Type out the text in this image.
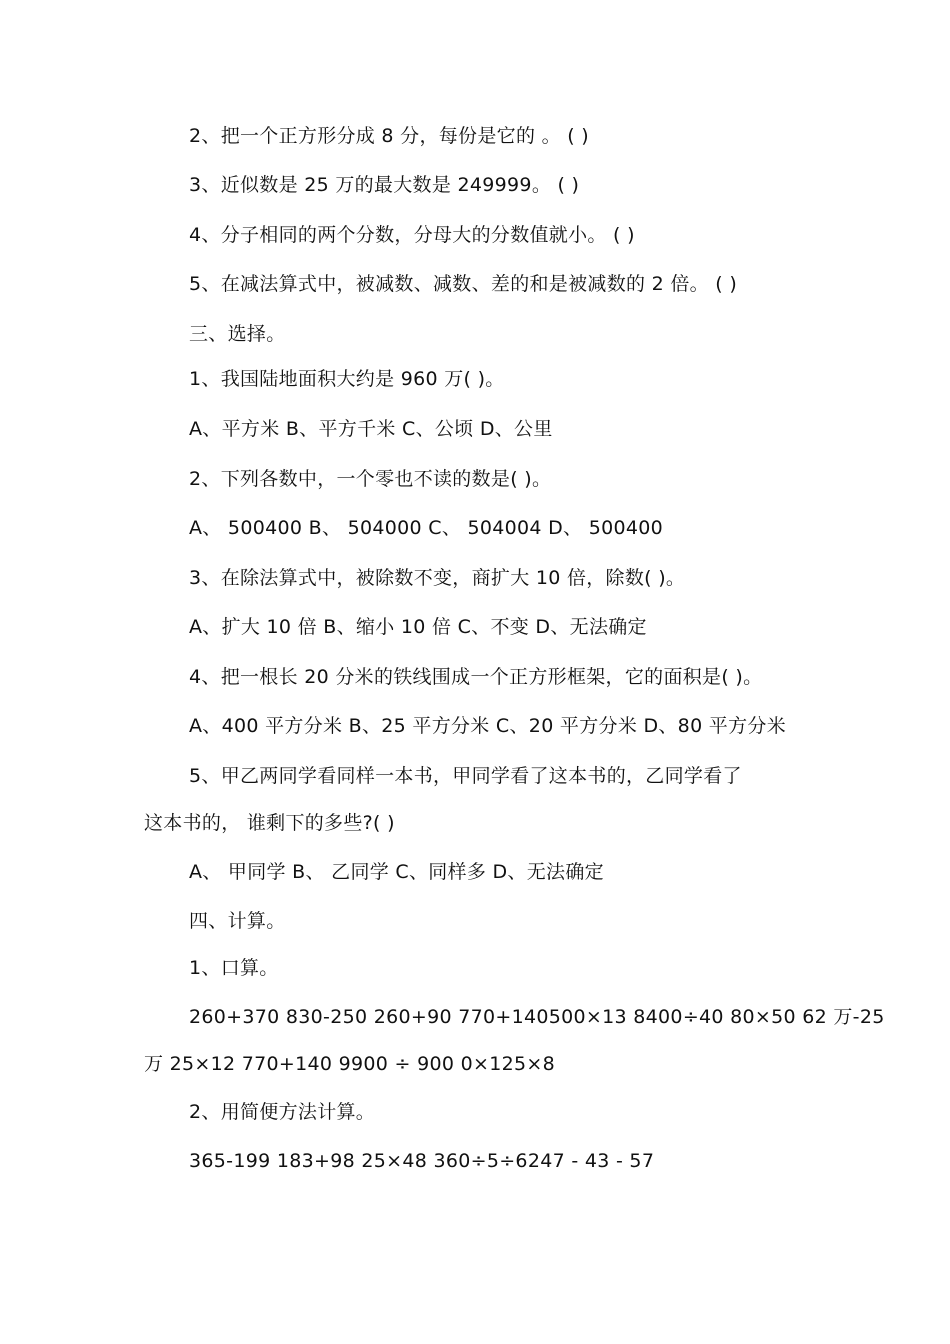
2、把一个正方形分成 8 分，每份是它的 。 ( )
3、近似数是 25 万的最大数是 249999。 ( )
4、分子相同的两个分数，分母大的分数值就小。 ( )
5、在减法算式中，被减数、减数、差的和是被减数的 2 倍。 ( )
三、选择。
1、我国陆地面积大约是 960 万( )。
A、平方米 B、平方千米 C、公顷 D、公里
2、下列各数中，一个零也不读的数是( )。
A、 500400 B、 504000 C、 504004 D、 500400
3、在除法算式中，被除数不变，商扩大 10 倍，除数( )。
A、扩大 10 倍 B、缩小 10 倍 C、不变 D、无法确定
4、把一根长 20 分米的铁线围成一个正方形框架，它的面积是( )。
A、400 平方分米 B、25 平方分米 C、20 平方分米 D、80 平方分米
5、甲乙两同学看同样一本书，甲同学看了这本书的，乙同学看了
这本书的， 谁剩下的多些?( )
A、 甲同学 B、 乙同学 C、同样多 D、无法确定
四、计算。
1、口算。
260+370 830-250 260+90 770+140500×13 8400÷40 80×50 62 万-25
万 25×12 770+140 9900 ÷ 900 0×125×8
2、用简便方法计算。
365-199 183+98 25×48 360÷5÷6247 - 43 - 57
